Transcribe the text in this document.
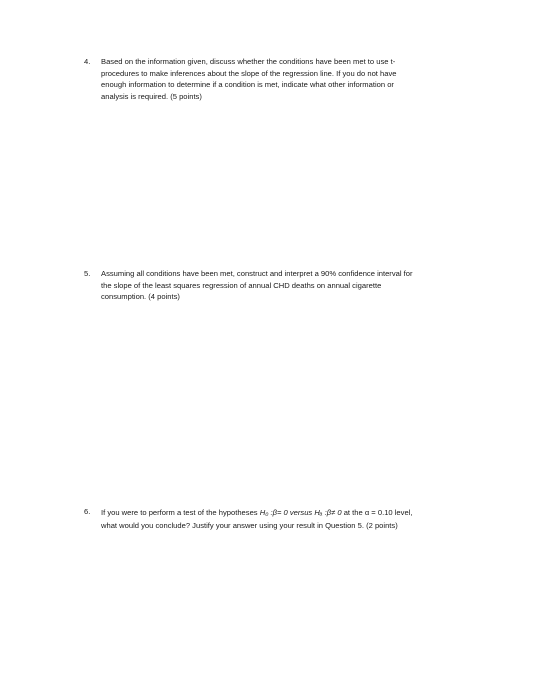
4. Based on the information given, discuss whether the conditions have been met to use t-
procedures to make inferences about the slope of the regression line. If you do not have
enough information to determine if a condition is met, indicate what other information or
analysis is required. (5 points)
5. Assuming all conditions have been met, construct and interpret a 90% confidence interval for
the slope of the least squares regression of annual CHD deaths on annual cigarette
consumption. (4 points)
6. If you were to perform a test of the hypotheses H₀ :β= 0 versus Hₐ :β≠ 0 at the α = 0.10 level,
what would you conclude? Justify your answer using your result in Question 5. (2 points)
